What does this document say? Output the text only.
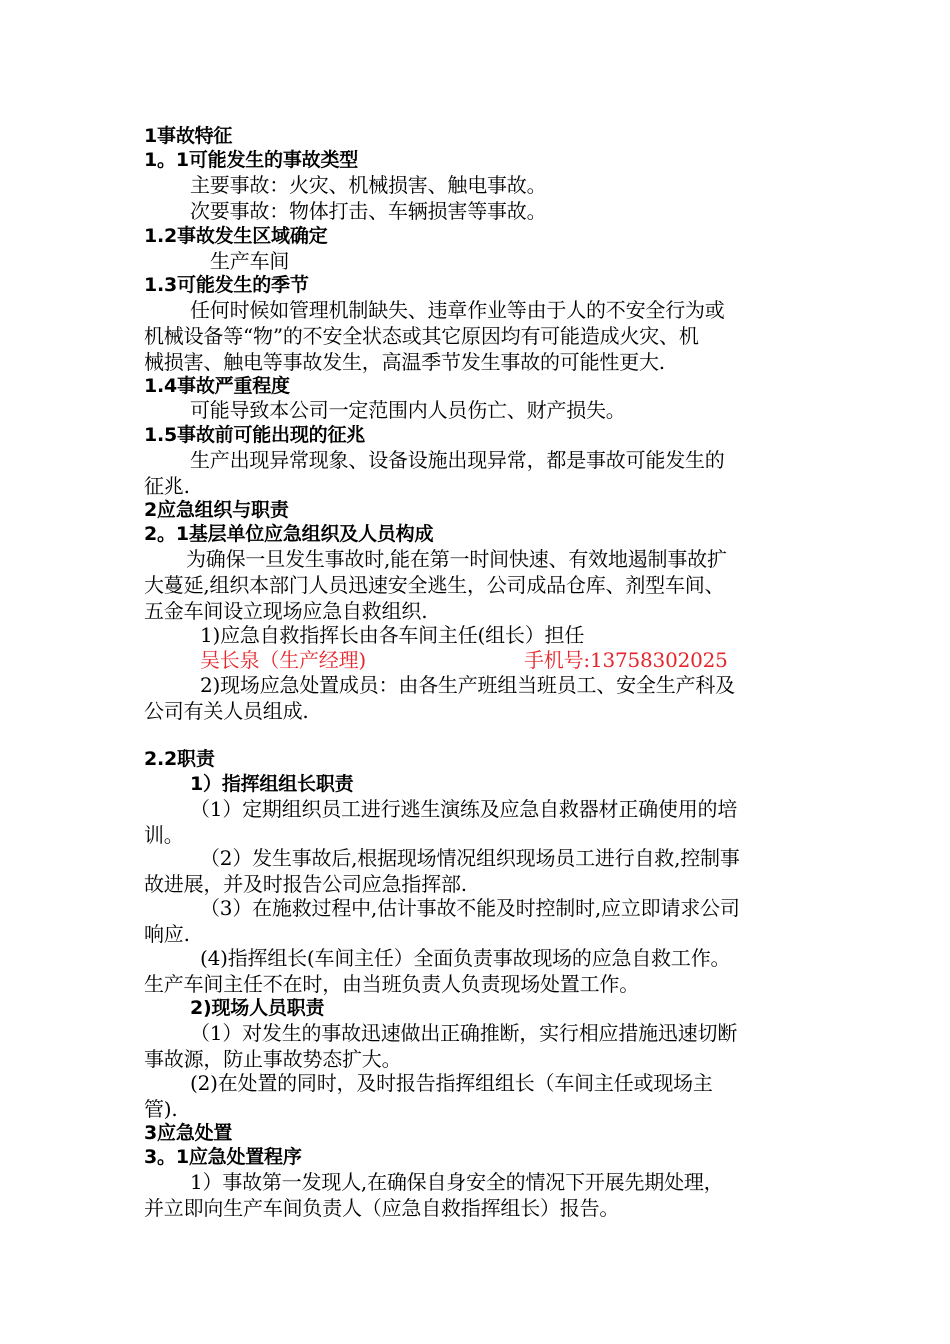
1事故特征
1。1可能发生的事故类型
主要事故：火灾、机械损害、触电事故。
次要事故：物体打击、车辆损害等事故。
1.2事故发生区域确定
生产车间
1.3可能发生的季节
任何时候如管理机制缺失、违章作业等由于人的不安全行为或
机械设备等“物”的不安全状态或其它原因均有可能造成火灾、机
械损害、触电等事故发生，高温季节发生事故的可能性更大.
1.4事故严重程度
可能导致本公司一定范围内人员伤亡、财产损失。
1.5事故前可能出现的征兆
生产出现异常现象、设备设施出现异常，都是事故可能发生的
征兆.
2应急组织与职责
2。1基层单位应急组织及人员构成
为确保一旦发生事故时,能在第一时间快速、有效地遏制事故扩
大蔓延,组织本部门人员迅速安全逃生，公司成品仓库、剂型车间、
五金车间设立现场应急自救组织.
1)应急自救指挥长由各车间主任(组长）担任
吴长泉（生产经理)	手机号:13758302025
2)现场应急处置成员：由各生产班组当班员工、安全生产科及
公司有关人员组成.
2.2职责
1）指挥组组长职责
（1）定期组织员工进行逃生演练及应急自救器材正确使用的培
训。
（2）发生事故后,根据现场情况组织现场员工进行自救,控制事
故进展，并及时报告公司应急指挥部.
（3）在施救过程中,估计事故不能及时控制时,应立即请求公司
响应.
(4)指挥组长(车间主任）全面负责事故现场的应急自救工作。
生产车间主任不在时，由当班负责人负责现场处置工作。
2)现场人员职责
（1）对发生的事故迅速做出正确推断，实行相应措施迅速切断
事故源，防止事故势态扩大。
(2)在处置的同时，及时报告指挥组组长（车间主任或现场主
管).
3应急处置
3。1应急处置程序
1）事故第一发现人,在确保自身安全的情况下开展先期处理，
并立即向生产车间负责人（应急自救指挥组长）报告。
